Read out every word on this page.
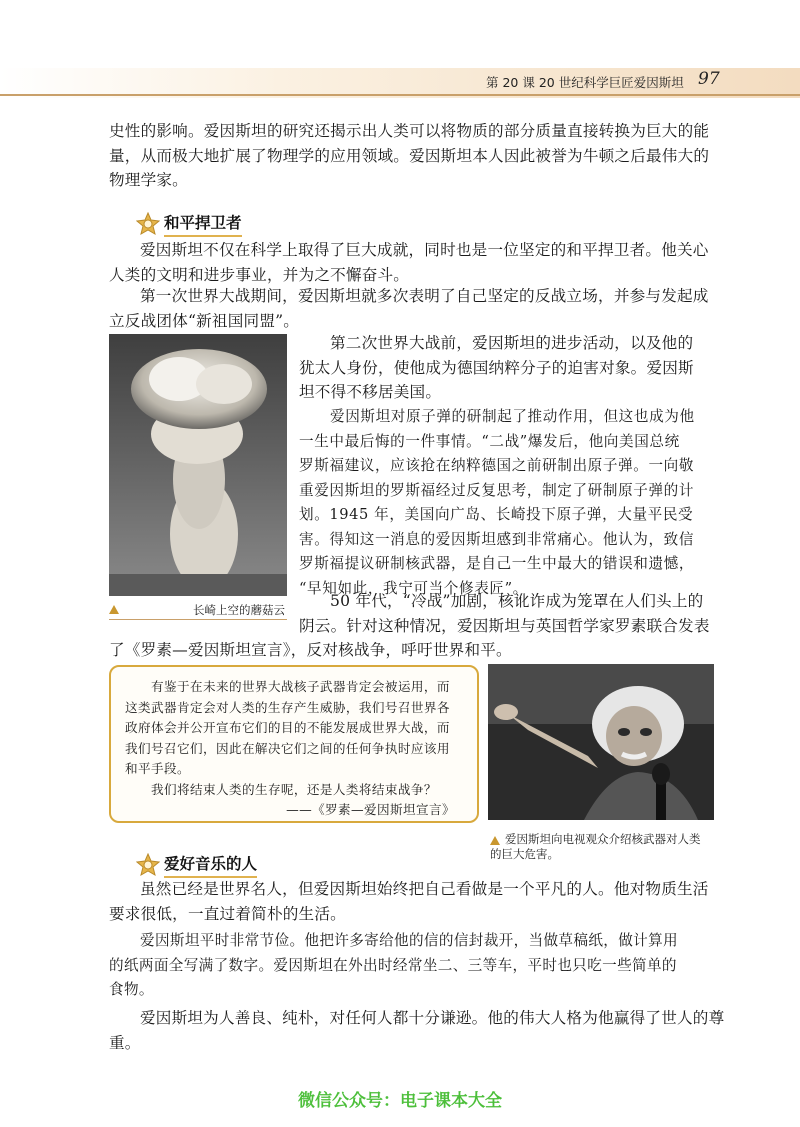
第 20 课 20 世纪科学巨匠爱因斯坦 97

史性的影响。爱因斯坦的研究还揭示出人类可以将物质的部分质量直接转换为巨大的能

量，从而极大地扩展了物理学的应用领域。爱因斯坦本人因此被誉为牛顿之后最伟大的

物理学家。

和平捍卫者

爱因斯坦不仅在科学上取得了巨大成就，同时也是一位坚定的和平捍卫者。他关心

人类的文明和进步事业，并为之不懈奋斗。

第一次世界大战期间，爱因斯坦就多次表明了自己坚定的反战立场，并参与发起成

立反战团体“新祖国同盟”。

长崎上空的蘑菇云

第二次世界大战前，爱因斯坦的进步活动，以及他的

犹太人身份，使他成为德国纳粹分子的迫害对象。爱因斯

坦不得不移居美国。

爱因斯坦对原子弹的研制起了推动作用，但这也成为他

一生中最后悔的一件事情。“二战”爆发后，他向美国总统

罗斯福建议，应该抢在纳粹德国之前研制出原子弹。一向敬

重爱因斯坦的罗斯福经过反复思考，制定了研制原子弹的计

划。1945 年，美国向广岛、长崎投下原子弹，大量平民受

害。得知这一消息的爱因斯坦感到非常痛心。他认为，致信

罗斯福提议研制核武器，是自己一生中最大的错误和遗憾，

“早知如此，我宁可当个修表匠”。

50 年代，“冷战”加剧，核讹诈成为笼罩在人们头上的

阴云。针对这种情况，爱因斯坦与英国哲学家罗素联合发表

了《罗素—爱因斯坦宣言》，反对核战争，呼吁世界和平。

有鉴于在未来的世界大战核子武器肯定会被运用，而

这类武器肯定会对人类的生存产生威胁，我们号召世界各

政府体会并公开宣布它们的目的不能发展成世界大战，而

我们号召它们，因此在解决它们之间的任何争执时应该用

和平手段。

我们将结束人类的生存呢，还是人类将结束战争？

——《罗素—爱因斯坦宣言》

爱因斯坦向电视观众介绍核武器对人类
的巨大危害。
爱好音乐的人

虽然已经是世界名人，但爱因斯坦始终把自己看做是一个平凡的人。他对物质生活

要求很低，一直过着简朴的生活。

爱因斯坦平时非常节俭。他把许多寄给他的信的信封裁开，当做草稿纸，做计算用

的纸两面全写满了数字。爱因斯坦在外出时经常坐二、三等车，平时也只吃一些简单的

食物。

爱因斯坦为人善良、纯朴，对任何人都十分谦逊。他的伟大人格为他赢得了世人的尊重。

微信公众号：电子课本大全
